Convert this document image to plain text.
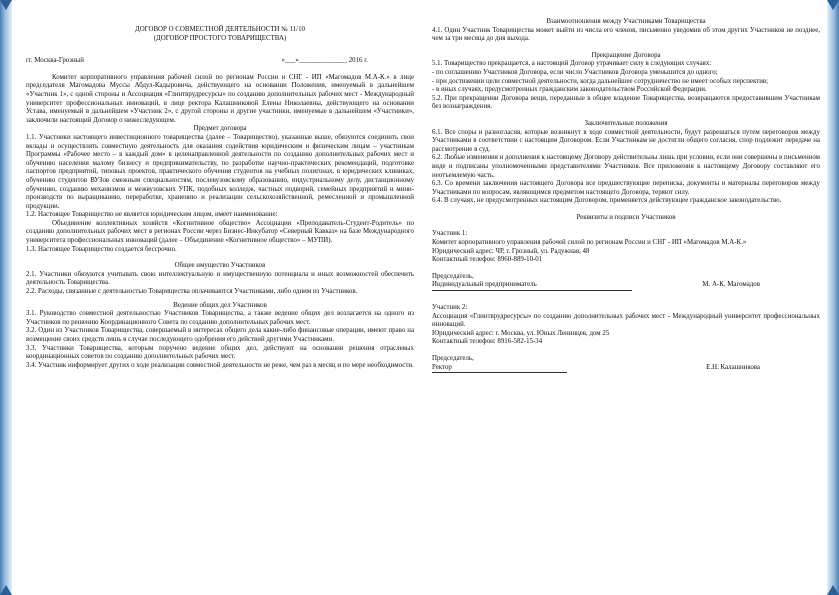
ДОГОВОР О СОВМЕСТНОЙ ДЕЯТЕЛЬНОСТИ № 11/10

(ДОГОВОР ПРОСТОГО ТОВАРИЩЕСТВА)

гг. Москва-Грозный	«___»______________ 2016 г.

Комитет корпоративного управления рабочей силой по регионам России и СНГ - ИП «Магомадов М.А-К.» в лице председателя Магомадова Муссы Абдул-Кадыровича, действующего на основании Положения, именуемый в дальнейшем «Участник 1», с одной стороны и Ассоциация «Глинтврудресурсы» по созданию дополнительных рабочих мест - Международный университет профессиональных инноваций, в лице ректора Калашниковой Елены Николаевны, действующего на основании Устава, именуемый в дальнейшем «Участник 2», с другой стороны и другие участники, именуемые в дальнейшем «Участники», заключили настоящий Договор о нижеследующем.

Предмет договора

1.1. Участники настоящего инвестиционного товарищества (далее – Товарищество), указанные выше, обязуются соединить свои вклады и осуществлять совместную деятельность для оказания содействия юридическим и физическим лицам – участникам Программы «Рабочее место – в каждый дом» в целенаправленной деятельности по созданию дополнительных рабочих мест и обучению населения малому бизнесу и предпринимательству, по разработке научно-практических рекомендаций, подготовке паспортов предприятий, типовых проектов, практического обучения студентов на учебных полигонах, в юридических клиниках, обучению студентов ВУЗов смежным специальностям, послевузовскому образованию, индустриальному делу, дистанционному обучению, созданию механизмов и межвузовских УПК, подобных колледж, частных подворий, семейных предприятий и мини-производств по выращиванию, переработке, хранению и реализации сельскохозяйственной, ремесленной и промышленной продукции.

1.2. Настоящее Товарищество не является юридическим лицом, имеет наименование:

Объединение коллективных хозяйств «Когнитивное общество» Ассоциации «Преподаватель-Студент-Родитель» по созданию дополнительных рабочих мест в регионах России через Бизнес-Инкубатор «Северный Кавказ» на базе Международного университета профессиональных инноваций (далее – Объединение «Когнитивное общество» – МУПИ).

1.3. Настоящее Товарищество создается бессрочно.

Общее имущество Участников

2.1. Участники обязуются учитывать свою интеллектуальную и имущественную потенциала и иных возможностей обеспечить деятельность Товарищества.

2.2. Расходы, связанные с деятельностью Товарищества оплачиваются Участниками, либо одним из Участников.

Ведение общих дел Участников

3.1. Руководство совместной деятельностью Участников Товарищества, а также ведение общих дел возлагается на одного из Участников по решению Координационного Совета по созданию дополнительных рабочих мест.

3.2. Один из Участников Товарищества, совершаемый в интересах общего дела какие-либо финансовые операции, имеют право на возмещение своих средств лишь в случае последующего одобрения его действий другими Участниками.

3.3. Участники Товарищества, которым поручено ведение общих дел, действуют на основании решения отраслевых координационных советов по созданию дополнительных рабочих мест.

3.4. Участник информирует других о ходе реализации совместной деятельности не реже, чем раз в месяц и по мере необходимости.

Взаимоотношения между Участниками Товарищества

4.1. Один Участник Товарищества может выйти из числа его членов, письменно уведомив об этом других Участников не позднее, чем за три месяца до дня выхода.

Прекращение Договора

5.1. Товарищество прекращается, а настоящий Договор утрачивает силу в следующих случаях:

- по соглашению Участников Договора, если число Участников Договора уменьшится до одного;

- при достижении цели совместной деятельности, когда дальнейшее сотрудничество не имеет особых перспектив;

- в иных случаях, предусмотренных гражданским законодательством Российской Федерации.

5.2. При прекращении Договора вещи, переданные в общее владение Товарищества, возвращаются предоставившим Участникам без вознаграждения.

Заключительные положения

6.1. Все споры и разногласия, которые возникнут в ходе совместной деятельности, будут разрешаться путем переговоров между Участниками в соответствии с настоящим Договором. Если Участникам не достигли общего согласия, спор подлежит передаче на рассмотрение в суд.

6.2. Любые изменения и дополнения к настоящему Договору действительны лишь при условии, если они совершены в письменном виде и подписаны уполномоченными представителями Участников. Все приложения к настоящему Договору составляют его неотъемлемую часть.

6.3. Со времени заключения настоящего Договора все предшествующие переписка, документы и материалы переговоров между Участниками по вопросам, являющимся предметом настоящего Договора, теряют силу.

6.4. В случаях, не предусмотренных настоящим Договором, применяется действующее гражданское законодательство.

Реквизиты и подписи Участников

Участник 1:

Комитет корпоративного управления рабочей силой по регионам России и СНГ - ИП «Магомадов М.А-К.»

Юридический адрес: ЧР, г. Грозный, ул. Радужная, 48

Контактный телефон: 8960-889-10-01

Председатель,

Индивидуальный предприниматель	М. А-К. Магомадов

Участник 2:

Ассоциация «Глинтврудресурсы» по созданию дополнительных рабочих мест - Международный университет профессиональных инноваций.

Юридический адрес: г. Москва, ул. Юных Ленинцев, дом 25

Контактный телефон: 8916-582-15-34

Председатель,

Ректор	Е.Н. Калашникова
